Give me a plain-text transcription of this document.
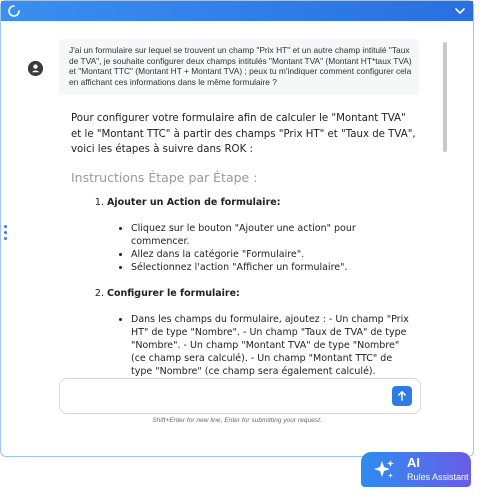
J'ai un formulaire sur lequel se trouvent un champ "Prix HT" et un autre champ intitulé "Taux de TVA", je souhaite configurer deux champs intitulés "Montant TVA" (Montant HT*taux TVA) et "Montant TTC" (Montant HT + Montant TVA) ; peux tu m'indiquer comment configurer cela en affichant ces informations dans le même formulaire ?

Pour configurer votre formulaire afin de calculer le "Montant TVA" et le "Montant TTC" à partir des champs "Prix HT" et "Taux de TVA", voici les étapes à suivre dans ROK :

Instructions Étape par Étape :

1. Ajouter un Action de formulaire:
• Cliquez sur le bouton "Ajouter une action" pour commencer.
• Allez dans la catégorie "Formulaire".
• Sélectionnez l'action "Afficher un formulaire".
2. Configurer le formulaire:
• Dans les champs du formulaire, ajoutez : - Un champ "Prix HT" de type "Nombre". - Un champ "Taux de TVA" de type "Nombre". - Un champ "Montant TVA" de type "Nombre" (ce champ sera calculé). - Un champ "Montant TTC" de type "Nombre" (ce champ sera également calculé).
Shift+Enter for new line, Enter for submitting your request.
AI
Rules Assistant
